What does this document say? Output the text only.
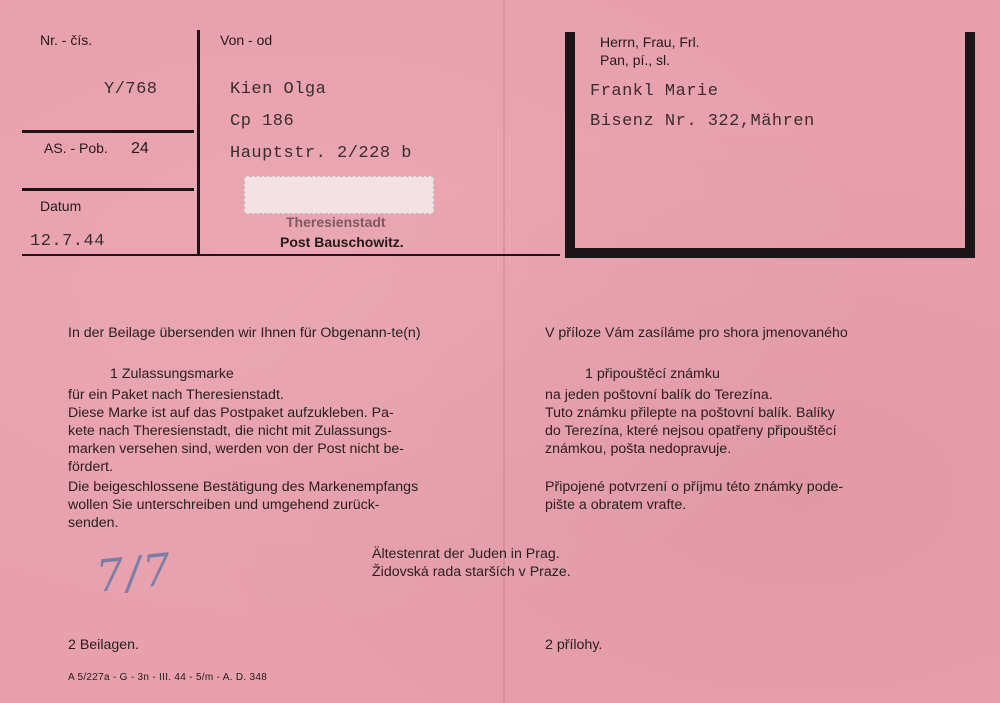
Nr. - čís.
Y/768
AS. - Pob. 24
Datum
12.7.44
Von - od
Kien Olga
Cp 186
Hauptstr. 2/228 b
Theresienstadt
Post Bauschowitz.
Herrn, Frau, Frl.
Pan, pí., sl.
Frankl Marie
Bisenz Nr. 322,Mähren
In der Beilage übersenden wir Ihnen für Obgenann-te(n)
1 Zulassungsmarke
für ein Paket nach Theresienstadt.
Diese Marke ist auf das Postpaket aufzukleben. Pa-
kete nach Theresienstadt, die nicht mit Zulassungs-
marken versehen sind, werden von der Post nicht be-
fördert.
Die beigeschlossene Bestätigung des Markenempfangs
wollen Sie unterschreiben und umgehend zurück-
senden.
V příloze Vám zasíláme pro shora jmenovaného
1 připouštěcí známku
na jeden poštovní balík do Terezína.
Tuto známku přilepte na poštovní balík. Balíky
do Terezína, které nejsou opatřeny připouštěcí
známkou, pošta nedopravuje.
Připojené potvrzení o příjmu této známky pode-
pište a obratem vrafte.
Ältestenrat der Juden in Prag.
Židovská rada starších v Praze.
7/7
2 Beilagen.	2 přílohy.
A 5/227a - G - 3n - III. 44 - 5/m - A. D. 348
